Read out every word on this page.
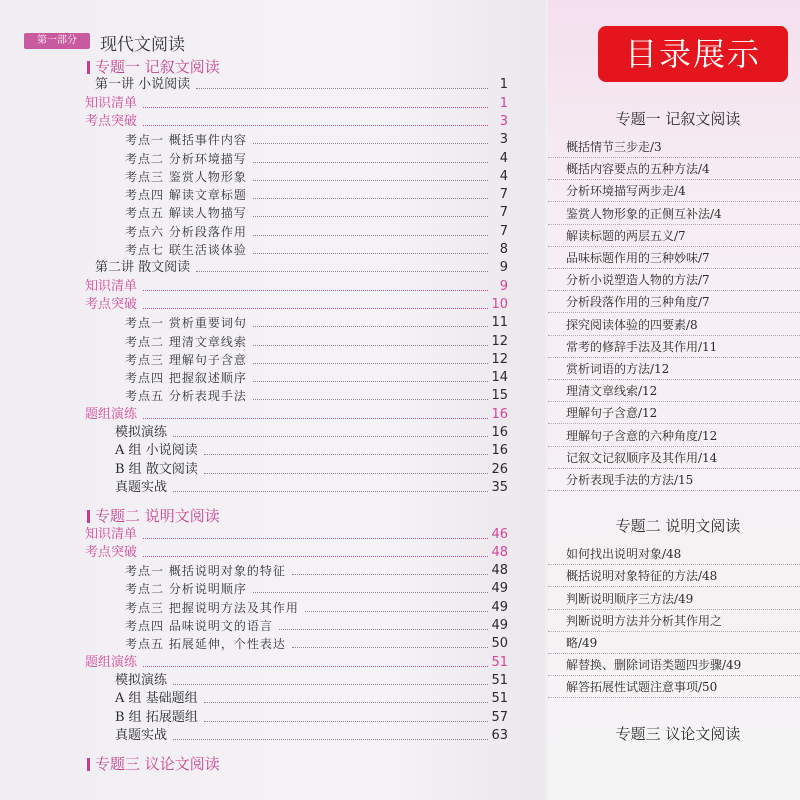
第一部分	现代文阅读
专题一 记叙文阅读
第一讲 小说阅读	1
知识清单	1
考点突破	3
考点一 概括事件内容	3
考点二 分析环境描写	4
考点三 鉴赏人物形象	4
考点四 解读文章标题	7
考点五 解读人物描写	7
考点六 分析段落作用	7
考点七 联生活谈体验	8
第二讲 散文阅读	9
知识清单	9
考点突破	10
考点一 赏析重要词句	11
考点二 理清文章线索	12
考点三 理解句子含意	12
考点四 把握叙述顺序	14
考点五 分析表现手法	15
题组演练	16
模拟演练	16
A 组 小说阅读	16
B 组 散文阅读	26
真题实战	35
专题二 说明文阅读
知识清单	46
考点突破	48
考点一 概括说明对象的特征	48
考点二 分析说明顺序	49
考点三 把握说明方法及其作用	49
考点四 品味说明文的语言	49
考点五 拓展延伸，个性表达	50
题组演练	51
模拟演练	51
A 组 基础题组	51
B 组 拓展题组	57
真题实战	63
专题三 议论文阅读
专题一 记叙文阅读
概括情节三步走/3
概括内容要点的五种方法/4
分析环境描写两步走/4
鉴赏人物形象的正侧互补法/4
解读标题的两层五义/7
品味标题作用的三种妙味/7
分析小说塑造人物的方法/7
分析段落作用的三种角度/7
探究阅读体验的四要素/8
常考的修辞手法及其作用/11
赏析词语的方法/12
理清文章线索/12
理解句子含意/12
理解句子含意的六种角度/12
记叙文记叙顺序及其作用/14
分析表现手法的方法/15
专题二 说明文阅读
如何找出说明对象/48
概括说明对象特征的方法/48
判断说明顺序三方法/49
判断说明方法并分析其作用之
略/49
解替换、删除词语类题四步骤/49
解答拓展性试题注意事项/50
专题三 议论文阅读
目录展示
